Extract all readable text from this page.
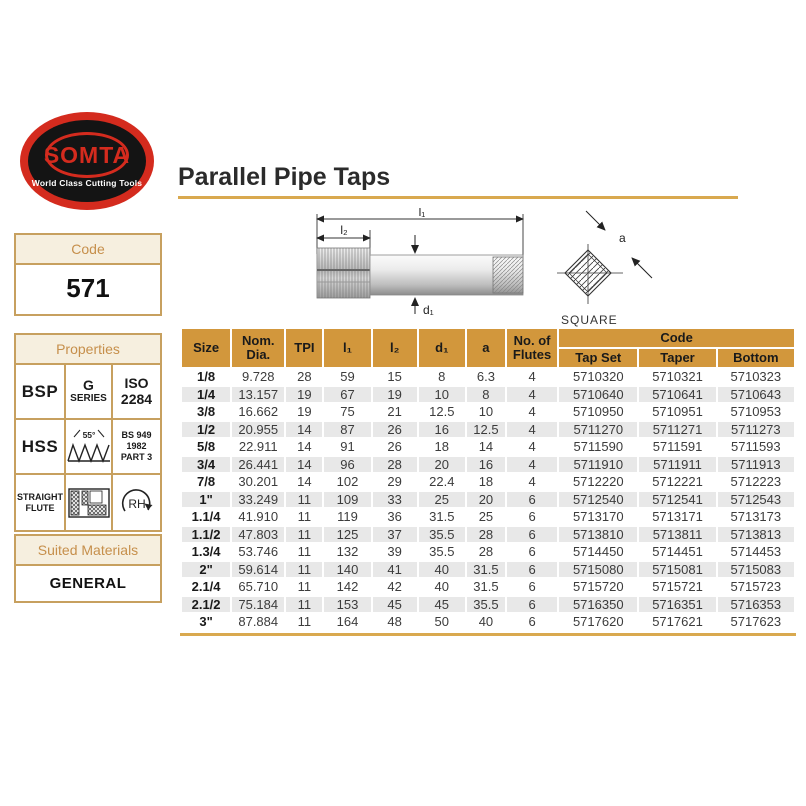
SOMTA
World Class Cutting Tools Parallel Pipe Taps
Code
571
Properties
BSP G
SERIES
ISO
2284
HSS
55°	BS 949
1982
PART 3
STRAIGHT
FLUTE	RH
Suited Materials
GENERAL
l₁
l₂
d₁
a
SQUARE
Size	Nom. Dia.	TPI	l₁	l₂	d₁	a	No. of Flutes	Code		
								Tap Set	Taper	Bottom
1/8	9.728	28	59	15	8	6.3	4	5710320	5710321	5710323
1/4	13.157	19	67	19	10	8	4	5710640	5710641	5710643
3/8	16.662	19	75	21	12.5	10	4	5710950	5710951	5710953
1/2	20.955	14	87	26	16	12.5	4	5711270	5711271	5711273
5/8	22.911	14	91	26	18	14	4	5711590	5711591	5711593
3/4	26.441	14	96	28	20	16	4	5711910	5711911	5711913
7/8	30.201	14	102	29	22.4	18	4	5712220	5712221	5712223
1"	33.249	11	109	33	25	20	6	5712540	5712541	5712543
1.1/4	41.910	11	119	36	31.5	25	6	5713170	5713171	5713173
1.1/2	47.803	11	125	37	35.5	28	6	5713810	5713811	5713813
1.3/4	53.746	11	132	39	35.5	28	6	5714450	5714451	5714453
2"	59.614	11	140	41	40	31.5	6	5715080	5715081	5715083
2.1/4	65.710	11	142	42	40	31.5	6	5715720	5715721	5715723
2.1/2	75.184	11	153	45	45	35.5	6	5716350	5716351	5716353
3"	87.884	11	164	48	50	40	6	5717620	5717621	5717623
